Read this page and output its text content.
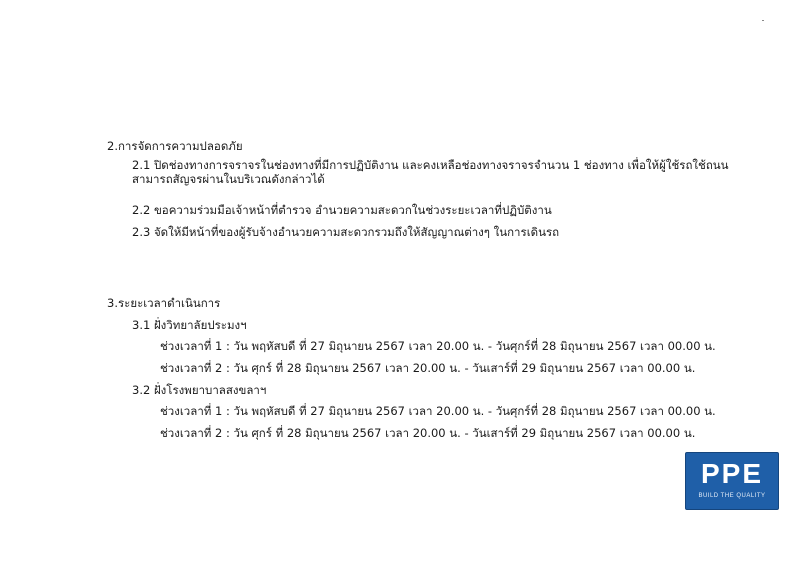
2.การจัดการความปลอดภัย
2.1 ปิดช่องทางการจราจรในช่องทางที่มีการปฏิบัติงาน และคงเหลือช่องทางจราจรจำนวน 1 ช่องทาง เพื่อให้ผู้ใช้รถใช้ถนนสามารถสัญจรผ่านในบริเวณดังกล่าวได้
2.2 ขอความร่วมมือเจ้าหน้าที่ตำรวจ อำนวยความสะดวกในช่วงระยะเวลาที่ปฏิบัติงาน
2.3 จัดให้มีหน้าที่ของผู้รับจ้างอำนวยความสะดวกรวมถึงให้สัญญาณต่างๆ ในการเดินรถ
3.ระยะเวลาดำเนินการ
3.1 ฝั่งวิทยาลัยประมงฯ
ช่วงเวลาที่ 1 : วัน พฤหัสบดี ที่ 27 มิถุนายน 2567 เวลา 20.00 น. - วันศุกร์ที่ 28 มิถุนายน 2567 เวลา 00.00 น.
ช่วงเวลาที่ 2 : วัน ศุกร์ ที่ 28 มิถุนายน 2567 เวลา 20.00 น. - วันเสาร์ที่ 29 มิถุนายน 2567 เวลา 00.00 น.
3.2 ฝั่งโรงพยาบาลสงขลาฯ
ช่วงเวลาที่ 1 : วัน พฤหัสบดี ที่ 27 มิถุนายน 2567 เวลา 20.00 น. - วันศุกร์ที่ 28 มิถุนายน 2567 เวลา 00.00 น.
ช่วงเวลาที่ 2 : วัน ศุกร์ ที่ 28 มิถุนายน 2567 เวลา 20.00 น. - วันเสาร์ที่ 29 มิถุนายน 2567 เวลา 00.00 น.
PPE
BUILD THE QUALITY
